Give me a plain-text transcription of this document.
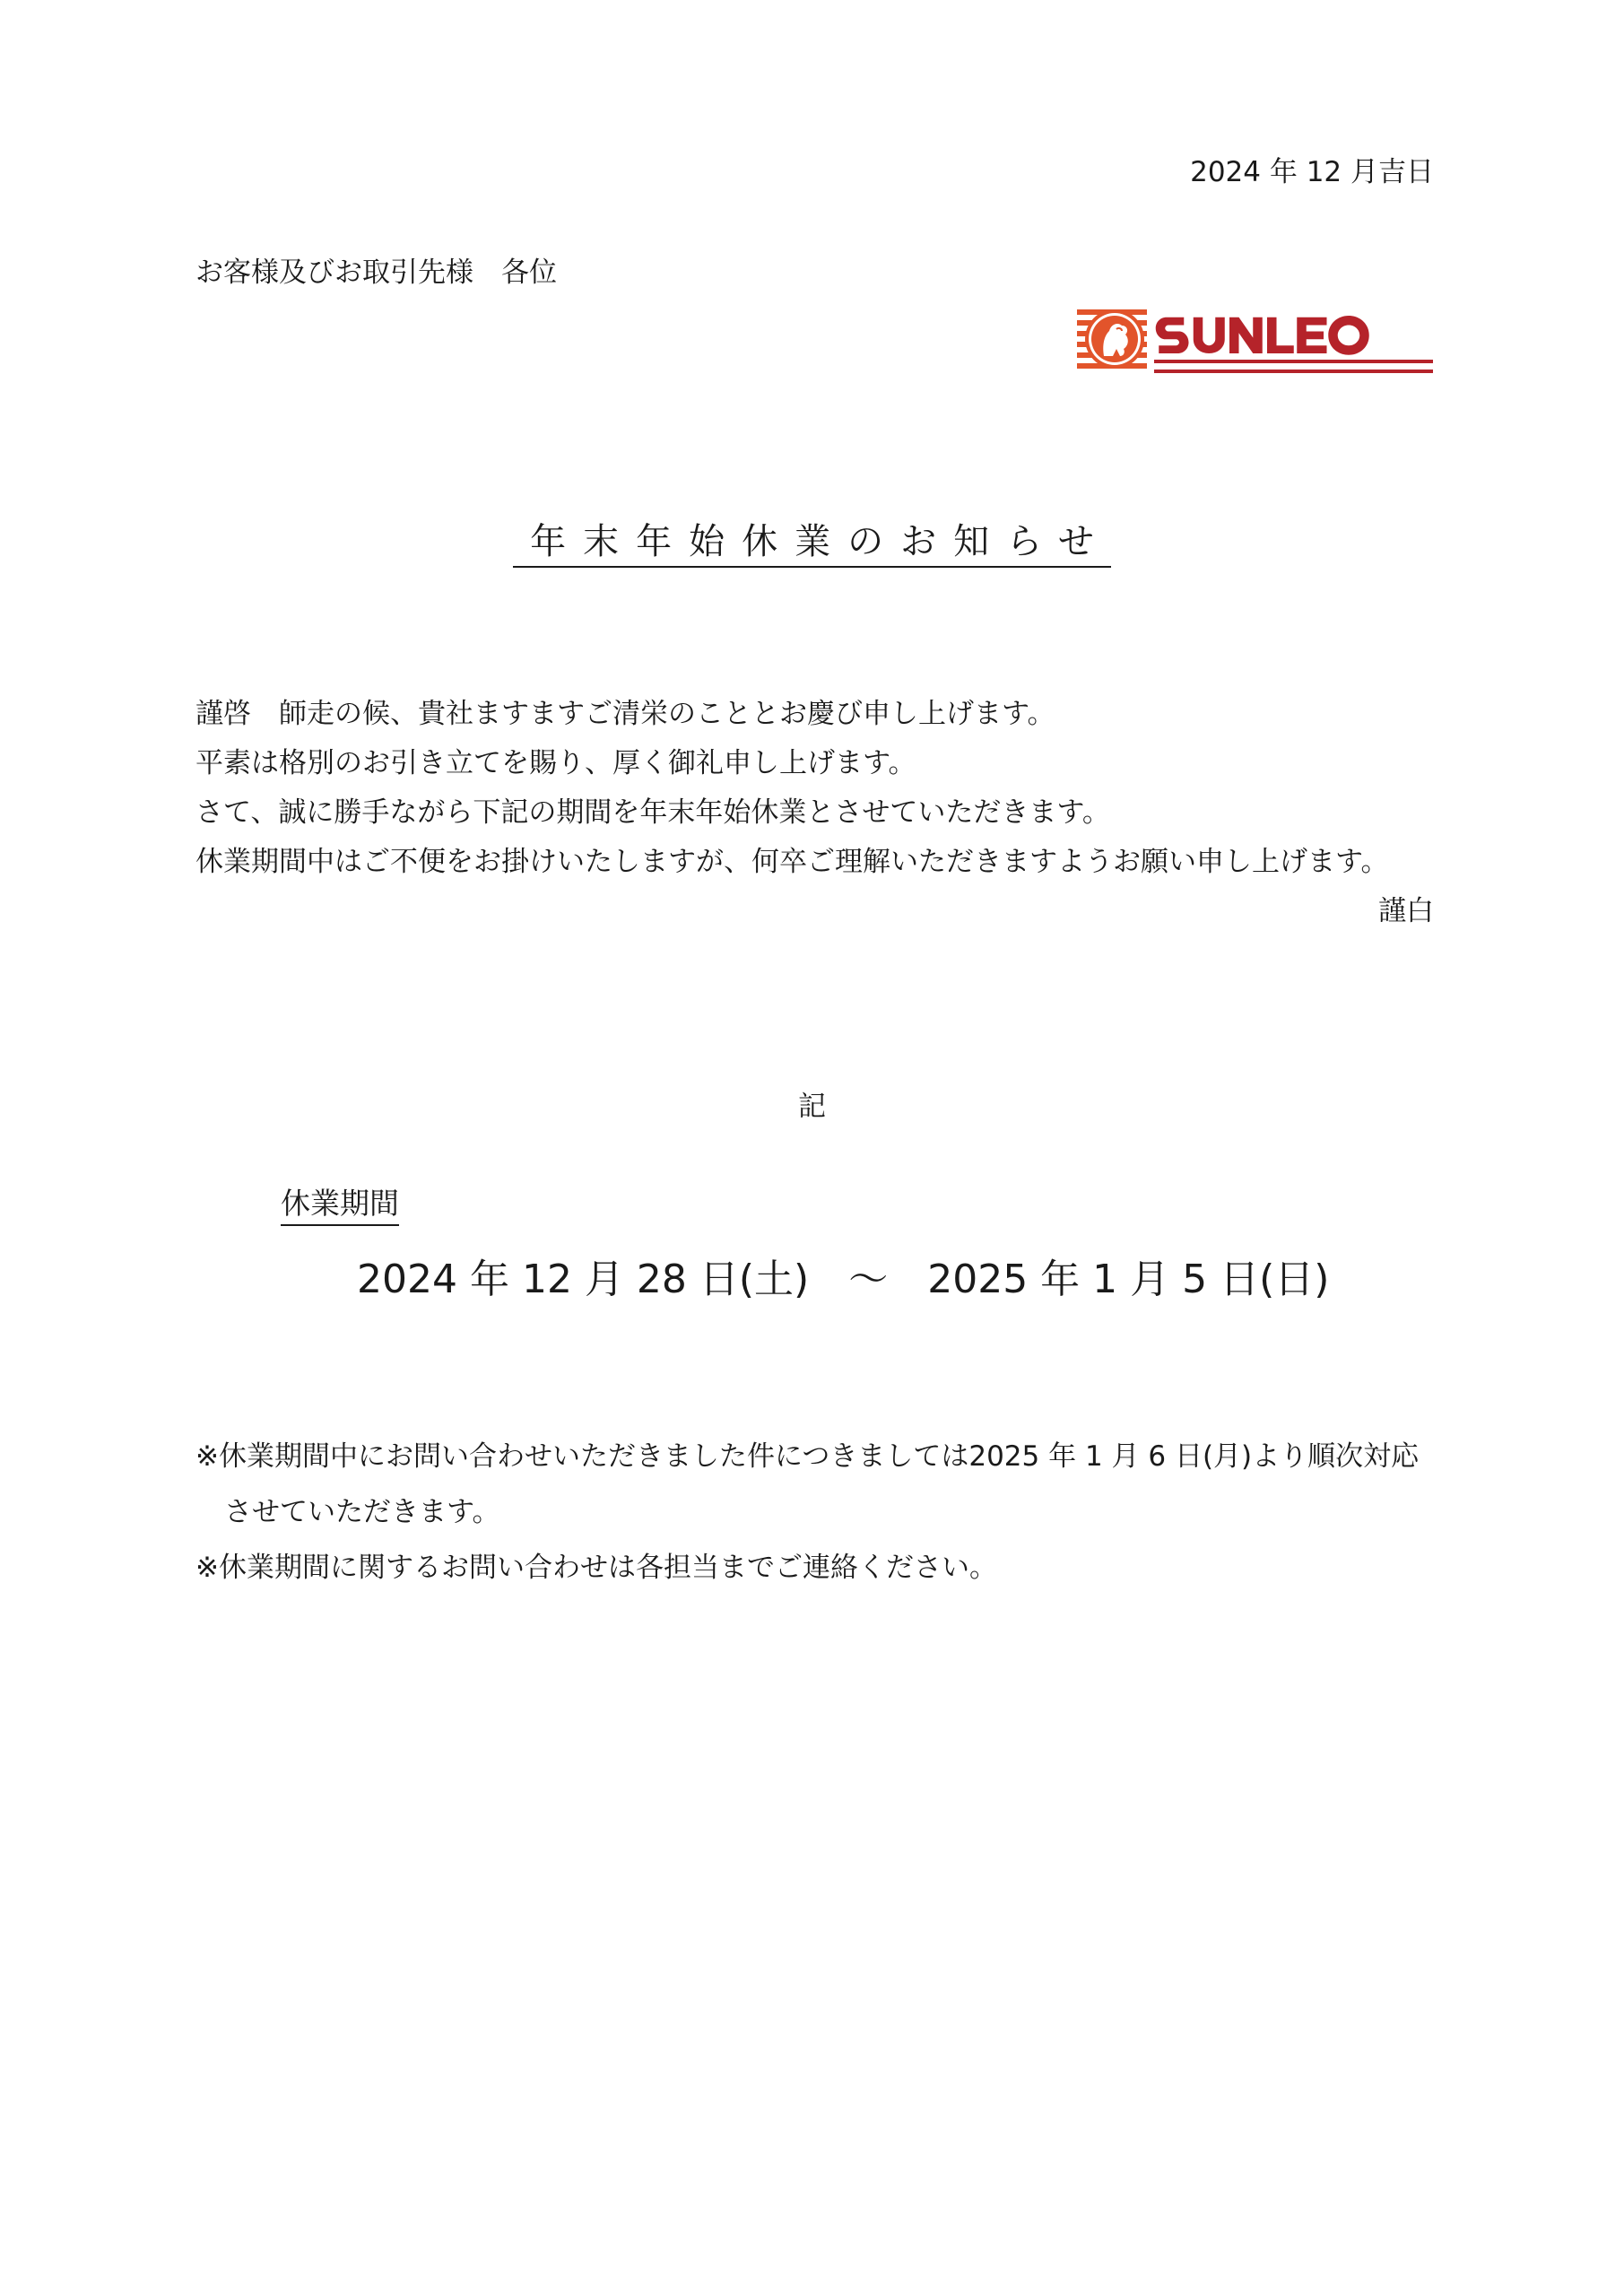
2024 年 12 月吉日
お客様及びお取引先様　各位
年末年始休業のお知らせ
謹啓　師走の候、貴社ますますご清栄のこととお慶び申し上げます。
平素は格別のお引き立てを賜り、厚く御礼申し上げます。
さて、誠に勝手ながら下記の期間を年末年始休業とさせていただきます。
休業期間中はご不便をお掛けいたしますが、何卒ご理解いただきますようお願い申し上げます。
謹白
記
休業期間
2024 年 12 月 28 日(土)　～　2025 年 1 月 5 日(日)
※休業期間中にお問い合わせいただきました件につきましては2025 年 1 月 6 日(月)より順次対応
させていただきます。
※休業期間に関するお問い合わせは各担当までご連絡ください。
